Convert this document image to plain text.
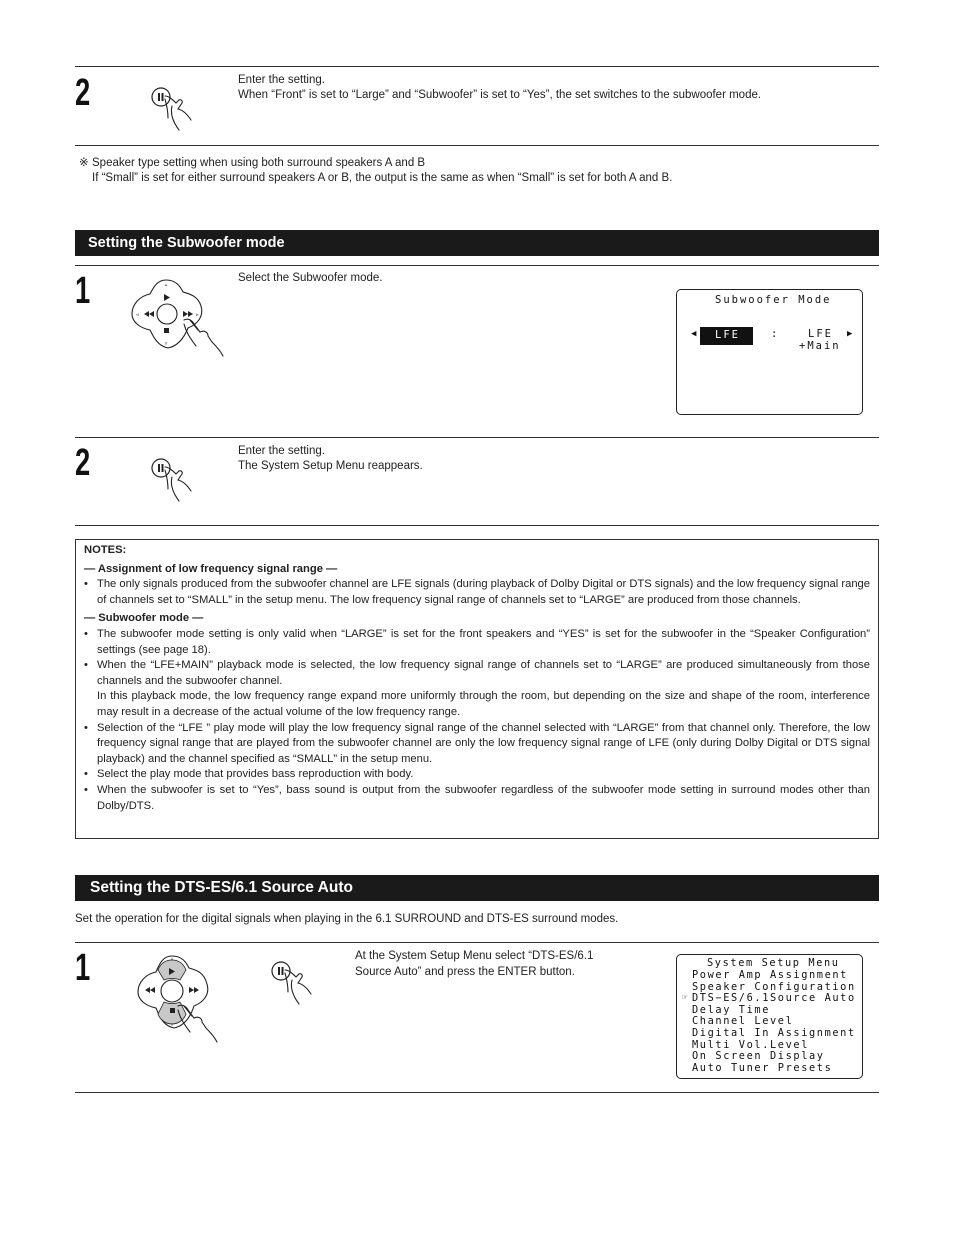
2	Enter the setting.
When “Front” is set to “Large” and “Subwoofer” is set to “Yes”, the set switches to the subwoofer mode.
※ Speaker type setting when using both surround speakers A and B
If “Small” is set for either surround speakers A or B, the output is the same as when “Small” is set for both A and B.
Setting the Subwoofer mode
1	▵
▿
◃	▹
Select the Subwoofer mode.
Subwoofer Mode
◀	LFE	:	LFE
+Main
▶
2	Enter the setting.
The System Setup Menu reappears.
NOTES:
— Assignment of low frequency signal range —
• The only signals produced from the subwoofer channel are LFE signals (during playback of Dolby Digital or DTS signals) and the low frequency signal range of channels set to “SMALL” in the setup menu. The low frequency signal range of channels set to “LARGE” are produced from those channels.
— Subwoofer mode —
• The subwoofer mode setting is only valid when “LARGE” is set for the front speakers and “YES” is set for the subwoofer in the “Speaker Configuration” settings (see page 18).
• When the “LFE+MAIN” playback mode is selected, the low frequency signal range of channels set to “LARGE” are produced simultaneously from those channels and the subwoofer channel.
In this playback mode, the low frequency range expand more uniformly through the room, but depending on the size and shape of the room, interference may result in a decrease of the actual volume of the low frequency range.
• Selection of the “LFE ” play mode will play the low frequency signal range of the channel selected with “LARGE” from that channel only. Therefore, the low frequency signal range that are played from the subwoofer channel are only the low frequency signal range of LFE (only during Dolby Digital or DTS signal playback) and the channel specified as “SMALL” in the setup menu.
• Select the play mode that provides bass reproduction with body.
• When the subwoofer is set to “Yes”, bass sound is output from the subwoofer regardless of the subwoofer mode setting in surround modes other than Dolby/DTS.
Setting the DTS-ES/6.1 Source Auto
Set the operation for the digital signals when playing in the 6.1 SURROUND and DTS-ES surround modes.
1	▵
▿
At the System Setup Menu select “DTS-ES/6.1
Source Auto” and press the ENTER button.
System Setup Menu
☞
Power Amp Assignment
Speaker Configuration
DTS−ES/6.1Source Auto
Delay Time
Channel Level
Digital In Assignment
Multi Vol.Level
On Screen Display
Auto Tuner Presets
